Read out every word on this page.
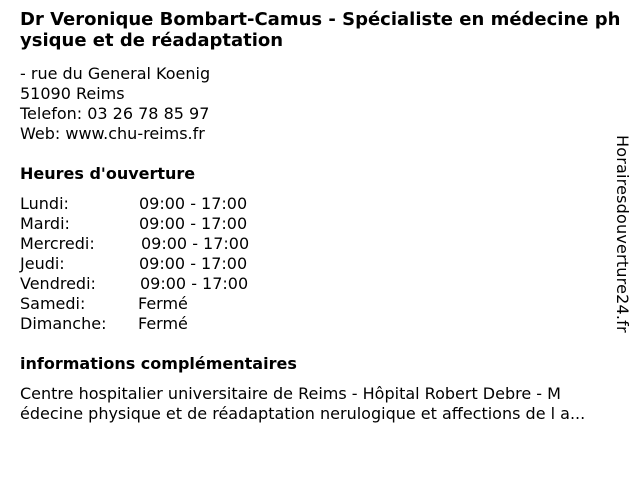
Dr Veronique Bombart-Camus - Spécialiste en médecine physique et de réadaptation
- rue du General Koenig
51090 Reims
Telefon: 03 26 78 85 97
Web: www.chu-reims.fr
Heures d'ouverture
Lundi:	09:00 - 17:00
Mardi:	09:00 - 17:00
Mercredi:	09:00 - 17:00
Jeudi:	09:00 - 17:00
Vendredi:	09:00 - 17:00
Samedi:	Fermé
Dimanche: Fermé
informations complémentaires
Centre hospitalier universitaire de Reims - Hôpital Robert Debre - M
édecine physique et de réadaptation nerulogique et affections de l a...
Horairesdouverture24.fr
